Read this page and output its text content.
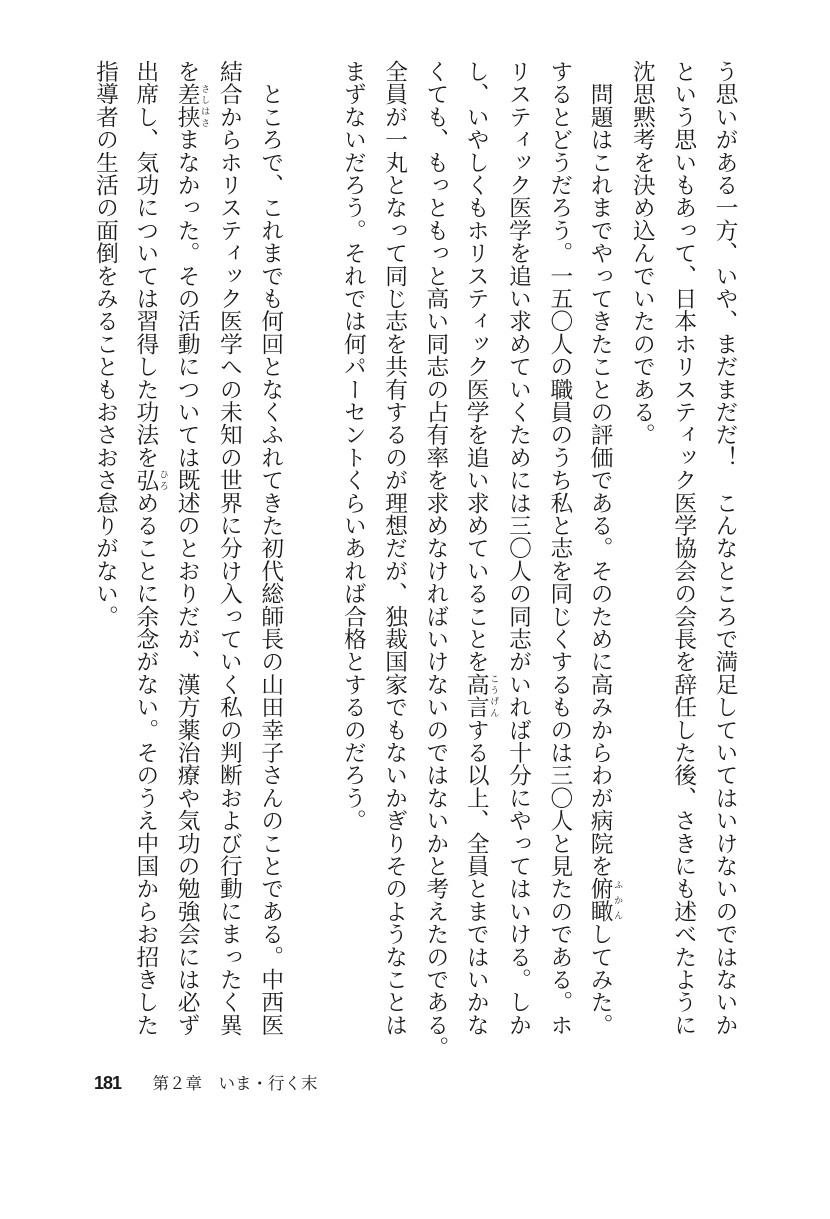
う思いがある一方、いや、まだまだだ！　こんなところで満足していてはいけないのではないか
という思いもあって、日本ホリスティック医学協会の会長を辞任した後、さきにも述べたように
沈思黙考を決め込んでいたのである。
　問題はこれまでやってきたことの評価である。そのために高みからわが病院を俯瞰 ふかんしてみた。
するとどうだろう。一五〇人の職員のうち私と志を同じくするものは三〇人と見たのである。ホ
リスティック医学を追い求めていくためには三〇人の同志がいれば十分にやってはいける。しか
し、いやしくもホリスティック医学を追い求めていることを高言 こうげんする以上、全員とまではいかな
くても、もっともっと高い同志の占有率を求めなければいけないのではないかと考えたのである。
全員が一丸となって同じ志を共有するのが理想だが、独裁国家でもないかぎりそのようなことは
まずないだろう。それでは何パーセントくらいあれば合格とするのだろう。
　ところで、これまでも何回となくふれてきた初代総師長の山田幸子さんのことである。中西医
結合からホリスティック医学への未知の世界に分け入っていく私の判断および行動にまったく異
を差挟 さしはさまなかった。その活動については既述のとおりだが、漢方薬治療や気功の勉強会には必ず
出席し、気功については習得した功法を弘 ひろめることに余念がない。そのうえ中国からお招きした
指導者の生活の面倒をみることもおさおさ怠りがない。
181 第２章　いま・行く末
